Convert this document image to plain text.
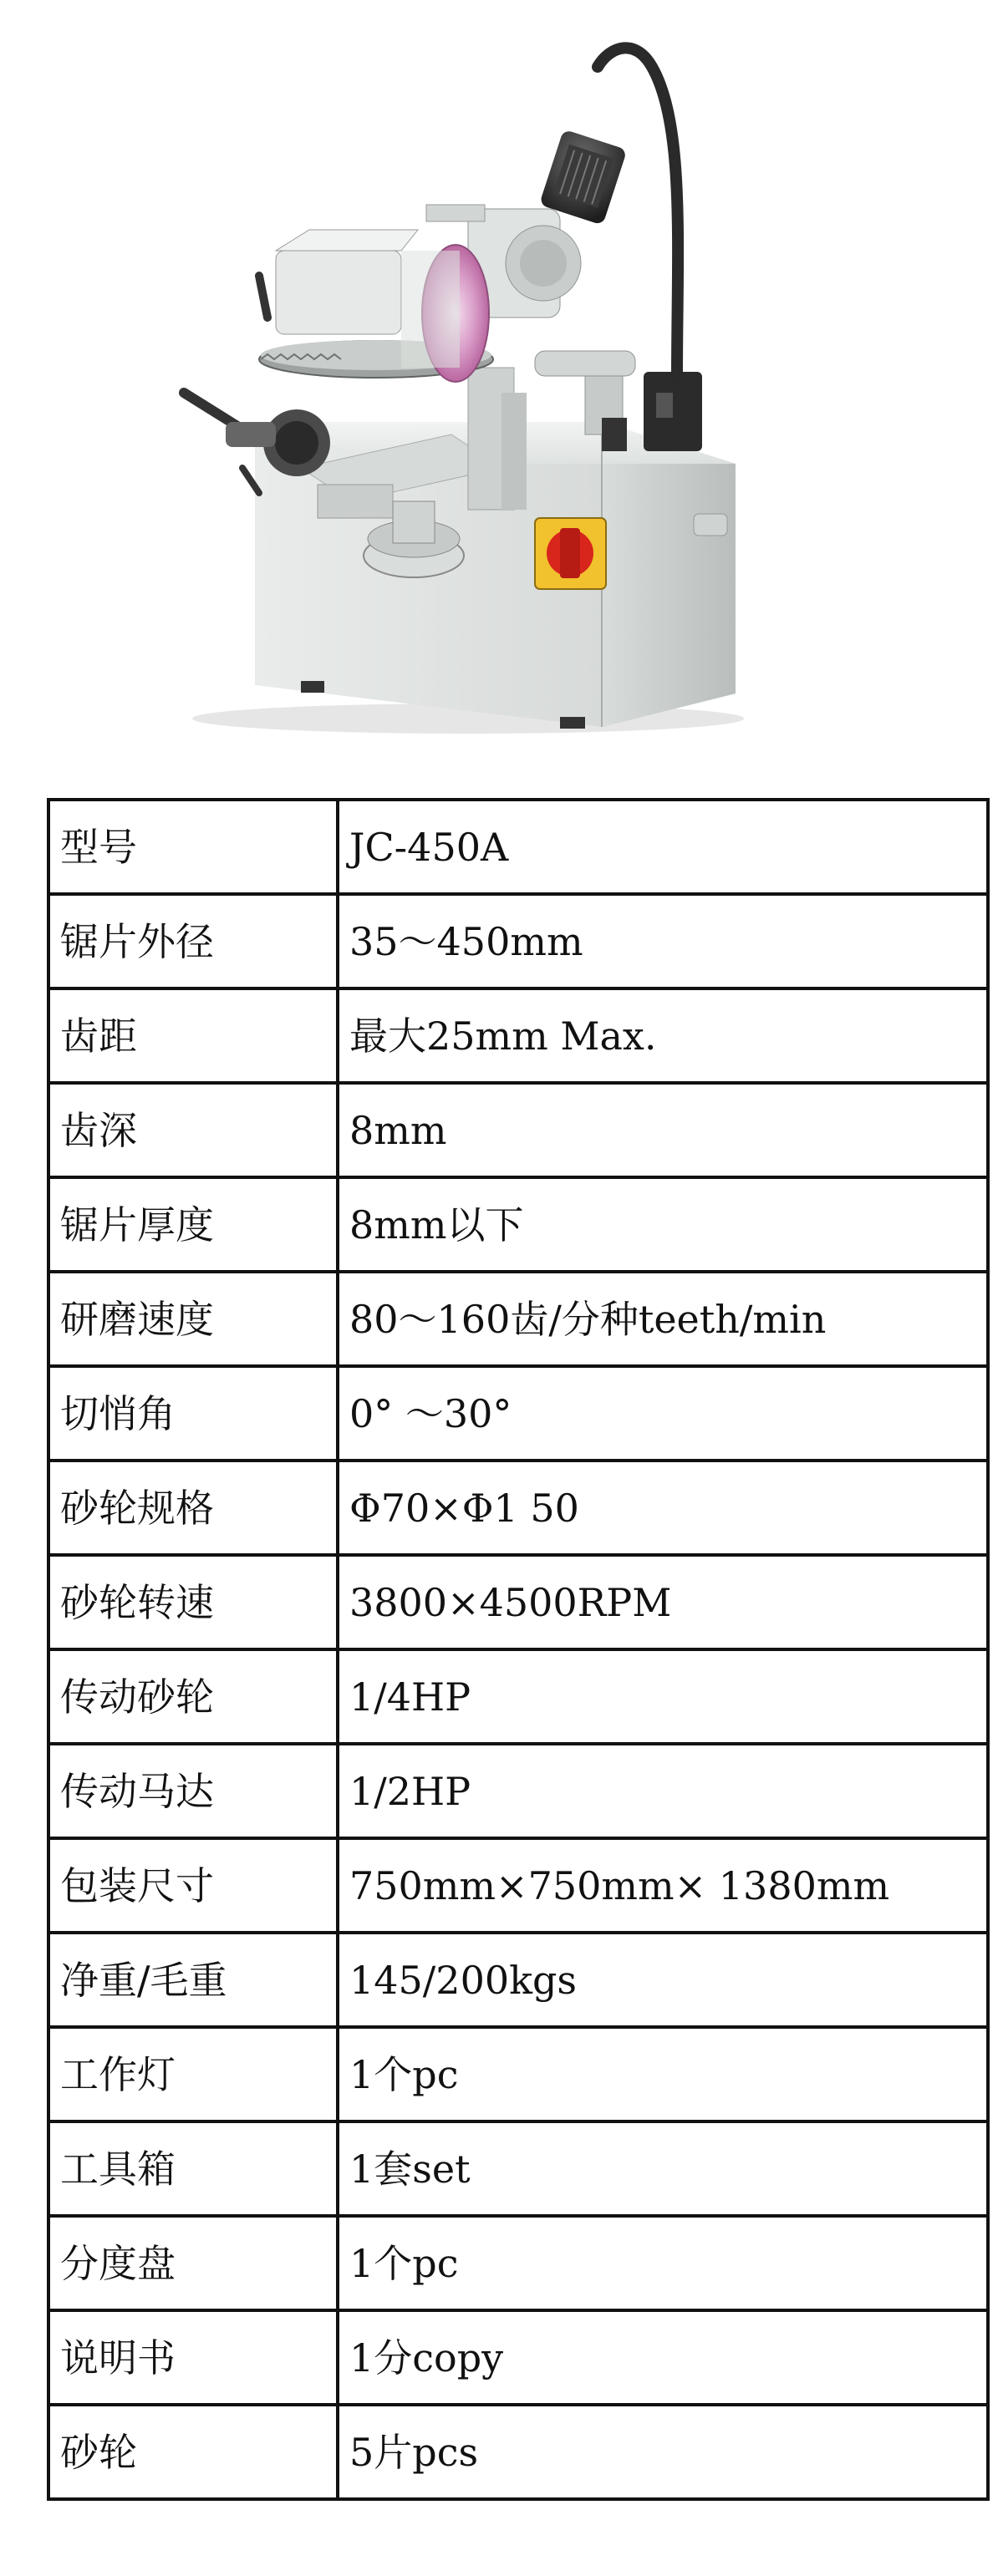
型号	JC-450A
锯片外径	35～450mm
齿距	最大25mm Max.
齿深	8mm
锯片厚度	8mm以下
研磨速度	80～160齿/分种teeth/min
切悄角	0° ～30°
砂轮规格	Φ70×Φ1 50
砂轮转速	3800×4500RPM
传动砂轮	1/4HP
传动马达	1/2HP
包装尺寸	750mm×750mm× 1380mm
净重/毛重	145/200kgs
工作灯	1个pc
工具箱	1套set
分度盘	1个pc
说明书	1分copy
砂轮	5片pcs
